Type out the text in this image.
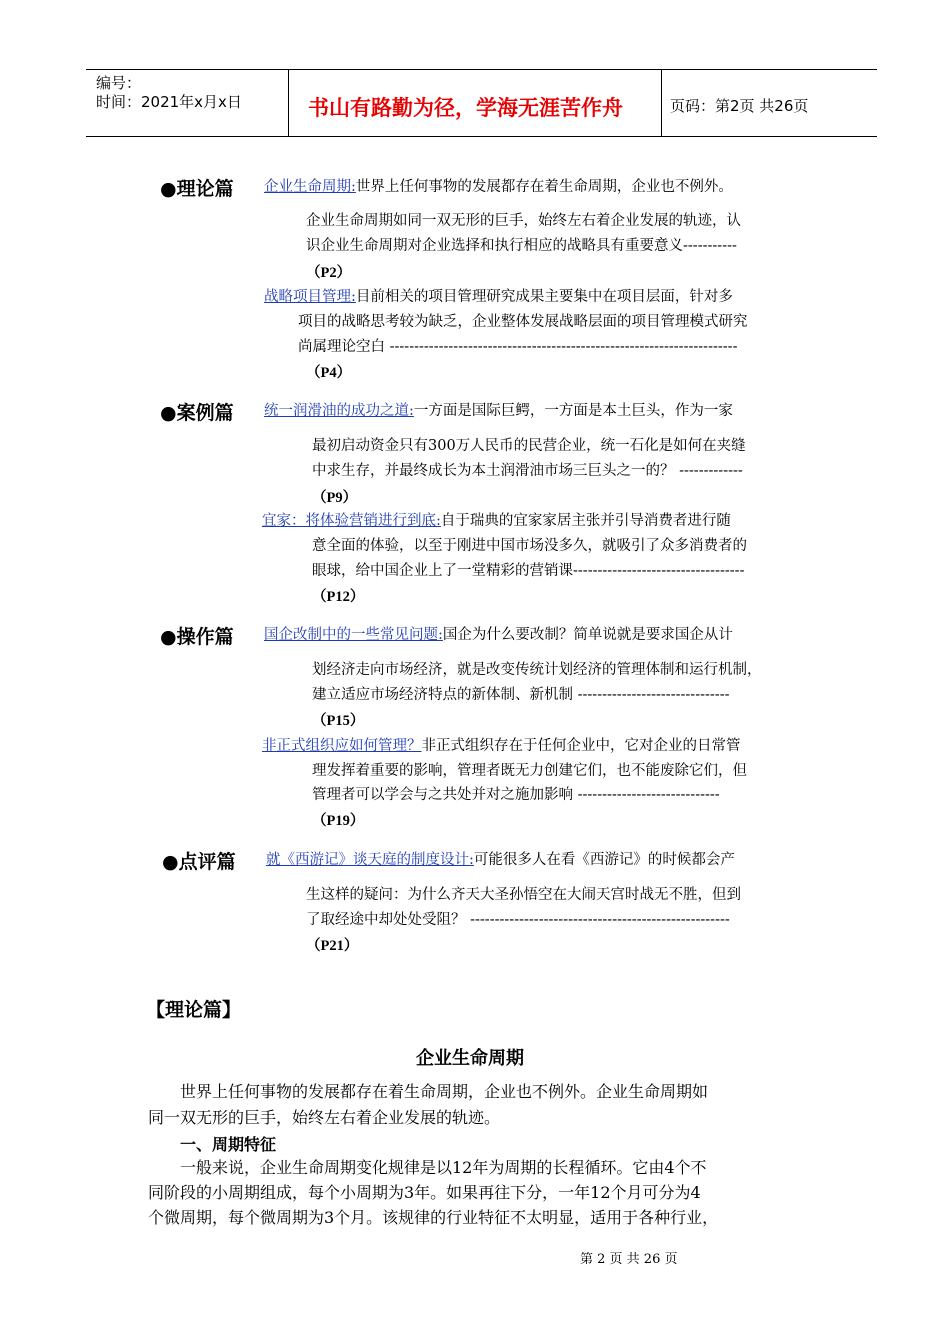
编号：
时间：2021年x月x日	书山有路勤为径，学海无涯苦作舟	页码：第2页 共26页
●理论篇 企业生命周期:世界上任何事物的发展都存在着生命周期，企业也不例外。
企业生命周期如同一双无形的巨手，始终左右着企业发展的轨迹，认
识企业生命周期对企业选择和执行相应的战略具有重要意义-----------
（P2）
战略项目管理:目前相关的项目管理研究成果主要集中在项目层面，针对多
项目的战略思考较为缺乏，企业整体发展战略层面的项目管理模式研究
尚属理论空白 -----------------------------------------------------------------------
（P4）
●案例篇 统一润滑油的成功之道:一方面是国际巨鳄，一方面是本土巨头，作为一家
最初启动资金只有300万人民币的民营企业，统一石化是如何在夹缝
中求生存，并最终成长为本土润滑油市场三巨头之一的？ -------------
（P9）
宜家：将体验营销进行到底:自于瑞典的宜家家居主张并引导消费者进行随
意全面的体验，以至于刚进中国市场没多久，就吸引了众多消费者的
眼球，给中国企业上了一堂精彩的营销课-----------------------------------
（P12）
●操作篇 国企改制中的一些常见问题:国企为什么要改制？简单说就是要求国企从计
划经济走向市场经济，就是改变传统计划经济的管理体制和运行机制，
建立适应市场经济特点的新体制、新机制 -------------------------------
（P15）
非正式组织应如何管理？非正式组织存在于任何企业中，它对企业的日常管
理发挥着重要的影响，管理者既无力创建它们，也不能废除它们，但
管理者可以学会与之共处并对之施加影响 -----------------------------
（P19）
●点评篇 就《西游记》谈天庭的制度设计:可能很多人在看《西游记》的时候都会产
生这样的疑问：为什么齐天大圣孙悟空在大闹天宫时战无不胜，但到
了取经途中却处处受阻？ -----------------------------------------------------
（P21）
【理论篇】
企业生命周期
世界上任何事物的发展都存在着生命周期，企业也不例外。企业生命周期如
同一双无形的巨手，始终左右着企业发展的轨迹。
一、周期特征
一般来说，企业生命周期变化规律是以12年为周期的长程循环。它由4个不
同阶段的小周期组成，每个小周期为3年。如果再往下分，一年12个月可分为4
个微周期，每个微周期为3个月。该规律的行业特征不太明显，适用于各种行业，
第 2 页 共 26 页
